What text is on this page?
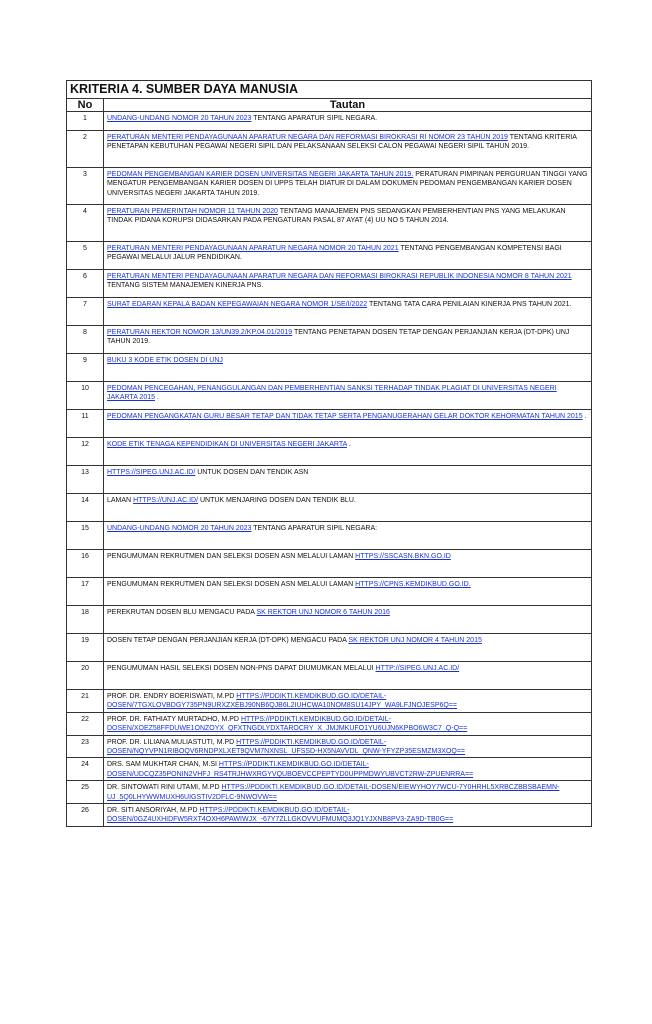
KRITERIA 4. SUMBER DAYA MANUSIA	
No	Tautan
1	UNDANG-UNDANG NOMOR 20 TAHUN 2023 TENTANG APARATUR SIPIL NEGARA.
2	PERATURAN MENTERI PENDAYAGUNAAN APARATUR NEGARA DAN REFORMASI BIROKRASI RI NOMOR 23 TAHUN 2019 TENTANG KRITERIA PENETAPAN KEBUTUHAN PEGAWAI NEGERI SIPIL DAN PELAKSANAAN SELEKSI CALON PEGAWAI NEGERI SIPIL TAHUN 2019.
3	PEDOMAN PENGEMBANGAN KARIER DOSEN UNIVERSITAS NEGERI JAKARTA TAHUN 2019. PERATURAN PIMPINAN PERGURUAN TINGGI YANG MENGATUR PENGEMBANGAN KARIER DOSEN DI UPPS TELAH DIATUR DI DALAM DOKUMEN PEDOMAN PENGEMBANGAN KARIER DOSEN UNIVERSITAS NEGERI JAKARTA TAHUN 2019.
4	PERATURAN PEMERINTAH NOMOR 11 TAHUN 2020 TENTANG MANAJEMEN PNS SEDANGKAN PEMBERHENTIAN PNS YANG MELAKUKAN TINDAK PIDANA KORUPSI DIDASARKAN PADA PENGATURAN PASAL 87 AYAT (4) UU NO 5 TAHUN 2014.
5	PERATURAN MENTERI PENDAYAGUNAAN APARATUR NEGARA NOMOR 20 TAHUN 2021 TENTANG PENGEMBANGAN KOMPETENSI BAGI PEGAWAI MELALUI JALUR PENDIDIKAN.
6	PERATURAN MENTERI PENDAYAGUNAAN APARATUR NEGARA DAN REFORMASI BIROKRASI REPUBLIK INDONESIA NOMOR 8 TAHUN 2021TENTANG SISTEM MANAJEMEN KINERJA PNS.
7	SURAT EDARAN KEPALA BADAN KEPEGAWAIAN NEGARA NOMOR 1/SE/I/2022 TENTANG TATA CARA PENILAIAN KINERJA PNS TAHUN 2021.
8	PERATURAN REKTOR NOMOR 13/UN39.2/KP.04.01/2019 TENTANG PENETAPAN DOSEN TETAP DENGAN PERJANJIAN KERJA (DT-DPK) UNJ TAHUN 2019.
9	BUKU 3 KODE ETIK DOSEN DI UNJ
10	PEDOMAN PENCEGAHAN, PENANGGULANGAN DAN PEMBERHENTIAN SANKSI TERHADAP TINDAK PLAGIAT DI UNIVERSITAS NEGERI JAKARTA 2015 .
11	PEDOMAN PENGANGKATAN GURU BESAR TETAP DAN TIDAK TETAP SERTA PENGANUGERAHAN GELAR DOKTOR KEHORMATAN TAHUN 2015 .
12	KODE ETIK TENAGA KEPENDIDIKAN DI UNIVERSITAS NEGERI JAKARTA .
13	HTTPS://SIPEG.UNJ.AC.ID/ UNTUK DOSEN DAN TENDIK ASN
14	LAMAN HTTPS://UNJ.AC.ID/ UNTUK MENJARING DOSEN DAN TENDIK BLU.
15	UNDANG-UNDANG NOMOR 20 TAHUN 2023 TENTANG APARATUR SIPIL NEGARA:
16	PENGUMUMAN REKRUTMEN DAN SELEKSI DOSEN ASN MELALUI LAMAN HTTPS://SSCASN.BKN.GO.ID
17	PENGUMUMAN REKRUTMEN DAN SELEKSI DOSEN ASN MELALUI LAMAN HTTPS://CPNS.KEMDIKBUD.GO.ID.
18	PEREKRUTAN DOSEN BLU MENGACU PADA SK REKTOR UNJ NOMOR 6 TAHUN 2016
19	DOSEN TETAP DENGAN PERJANJIAN KERJA (DT-DPK) MENGACU PADA SK REKTOR UNJ NOMOR 4 TAHUN 2015
20	PENGUMUMAN HASIL SELEKSI DOSEN NON-PNS DAPAT DIUMUMKAN MELALUI HTTP://SIPEG.UNJ.AC.ID/
21	PROF. DR. ENDRY BOERISWATI, M.PD HTTPS://PDDIKTI.KEMDIKBUD.GO.ID/DETAIL-DOSEN/7TGXLOVBDGY735PN9URXZXEBJ90NB6QJB6L2IUHCWA10NOM8SU14JPY_WA9LFJNOJESP6Q==
22	PROF. DR. FATHIATY MURTADHO, M.PD HTTPS://PDDIKTI.KEMDIKBUD.GO.ID/DETAIL-DOSEN/XOEZ58FFDUWE1ONZOYX_QFXTNGDLYDXTAROCRY_X_JMJMKUFO1YU6UJN6KPBO6W3C7_Q-Q==
23	PROF. DR. LILIANA MULIASTUTI, M.PD HTTPS://PDDIKTI.KEMDIKBUD.GO.ID/DETAIL-DOSEN/NQYVPN1RIBOQV6RNDPXLXET9QVM7NXNSL_UFSSD-HX5NAVVDL_QNW-YFYZP35ESMZM3XOQ==
24	DRS. SAM MUKHTAR CHAN, M.SI HTTPS://PDDIKTI.KEMDIKBUD.GO.ID/DETAIL-DOSEN/UDCQZ35PONIN2VHFJ_RS4TRJHWXRGYVQUBOEVCCPEPTYD0UPPMDWYUBVCT2RW-ZPUENRRA==
25	DR. SINTOWATI RINI UTAMI, M.PD HTTPS://PDDIKTI.KEMDIKBUD.GO.ID/DETAIL-DOSEN/EIEWYHOY7WCU-7Y0HRHL5XRBCZBBSBAEMN-UJ_5Q0LHYWWMUXH6UIGSTIV2DFLC-9NWOVW==
26	DR. SITI ANSORIYAH, M.PD HTTPS://PDDIKTI.KEMDIKBUD.GO.ID/DETAIL-DOSEN/0GZ4UXHIDFW5RXT4OXH6PAWIWJX_-67Y7ZLLGKOVVUFMUMQ3JQ1YJXNB8PV3-ZA9D-TB0G==
